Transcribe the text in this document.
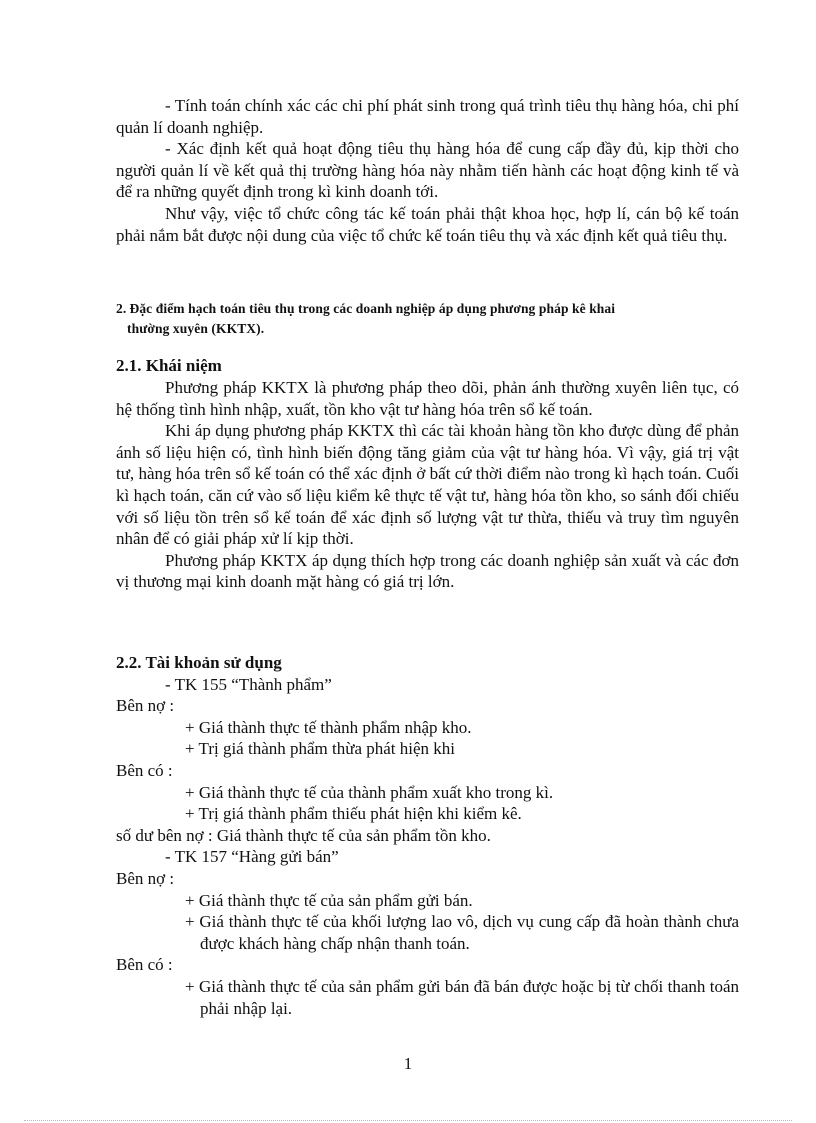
- Tính toán chính xác các chi phí phát sinh trong quá trình tiêu thụ hàng hóa, chi phí quản lí doanh nghiệp.

- Xác định kết quả hoạt động tiêu thụ hàng hóa để cung cấp đầy đủ, kịp thời cho người quản lí về kết quả thị trường hàng hóa này nhằm tiến hành các hoạt động kinh tế và để ra những quyết định trong kì kinh doanh tới.

Như vậy, việc tổ chức công tác kế toán phải thật khoa học, hợp lí, cán bộ kế toán phải nắm bắt được nội dung của việc tổ chức kế toán tiêu thụ và xác định kết quả tiêu thụ.

2. Đặc điểm hạch toán tiêu thụ trong các doanh nghiệp áp dụng phương pháp kê khai
thường xuyên (KKTX).

2.1. Khái niệm

Phương pháp KKTX là phương pháp theo dõi, phản ánh thường xuyên liên tục, có hệ thống tình hình nhập, xuất, tồn kho vật tư hàng hóa trên sổ kế toán.

Khi áp dụng phương pháp KKTX thì các tài khoản hàng tồn kho được dùng để phản ánh số liệu hiện có, tình hình biến động tăng giảm của vật tư hàng hóa. Vì vậy, giá trị vật tư, hàng hóa trên sổ kế toán có thể xác định ở bất cứ thời điểm nào trong kì hạch toán. Cuối kì hạch toán, căn cứ vào số liệu kiểm kê thực tế vật tư, hàng hóa tồn kho, so sánh đối chiếu với số liệu tồn trên sổ kế toán để xác định số lượng vật tư thừa, thiếu và truy tìm nguyên nhân để có giải pháp xử lí kịp thời.

Phương pháp KKTX áp dụng thích hợp trong các doanh nghiệp sản xuất và các đơn vị thương mại kinh doanh mặt hàng có giá trị lớn.

2.2. Tài khoản sử dụng

- TK 155 “Thành phẩm”

Bên nợ :

+ Giá thành thực tế thành phẩm nhập kho.

+ Trị giá thành phẩm thừa phát hiện khi

Bên có :

+ Giá thành thực tế của thành phẩm xuất kho trong kì.

+ Trị giá thành phẩm thiếu phát hiện khi kiểm kê.

số dư bên nợ : Giá thành thực tế của sản phẩm tồn kho.

- TK 157 “Hàng gửi bán”

Bên nợ :

+ Giá thành thực tế của sản phẩm gửi bán.

+ Giá thành thực tế của khối lượng lao vô, dịch vụ cung cấp đã hoàn thành chưa được khách hàng chấp nhận thanh toán.

Bên có :

+ Giá thành thực tế của sản phẩm gửi bán đã bán được hoặc bị từ chối thanh toán phải nhập lại.

1
